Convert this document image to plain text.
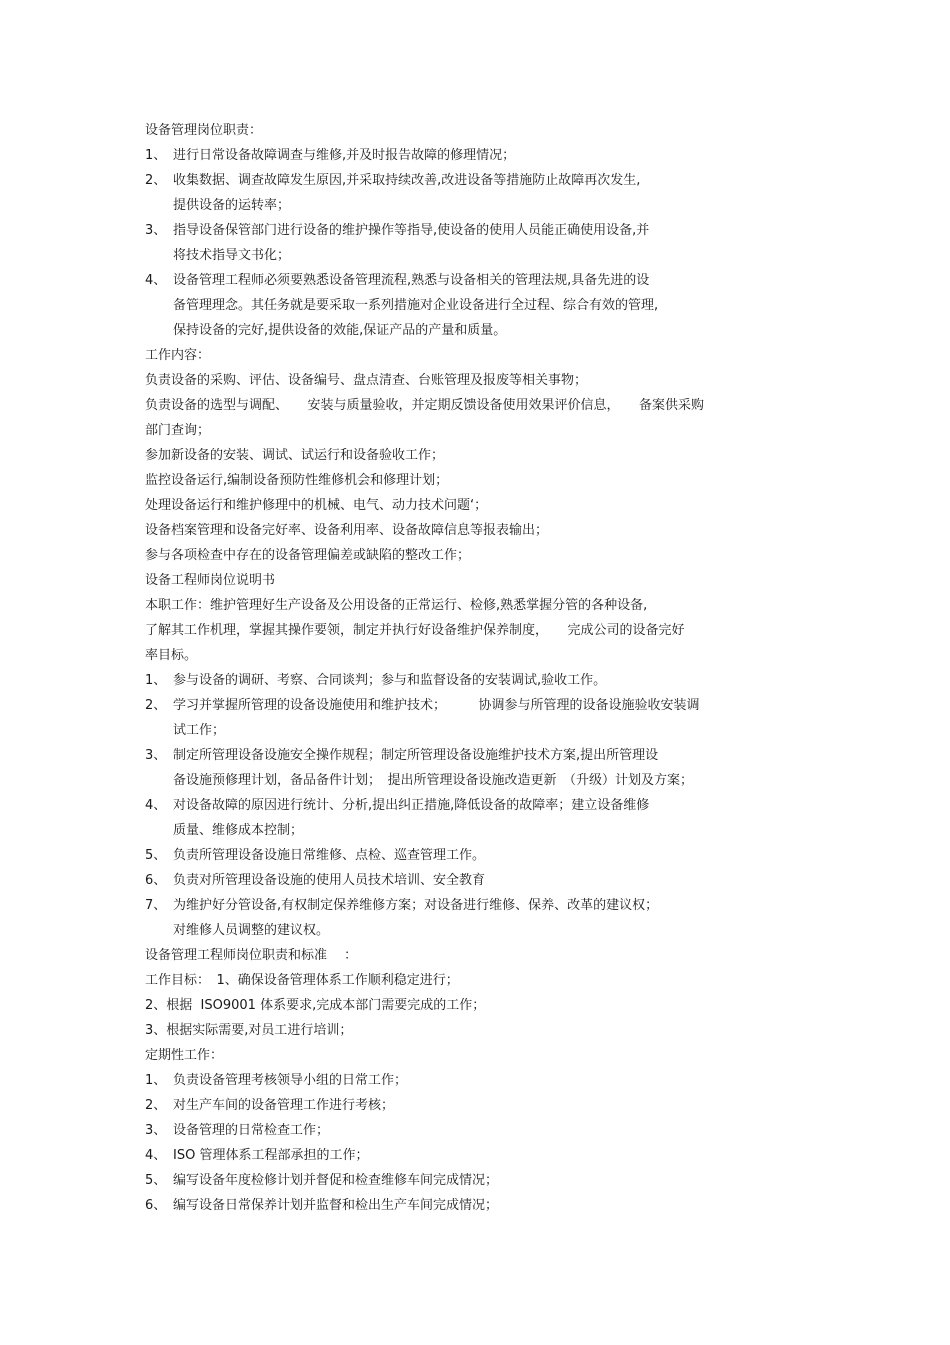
设备管理岗位职责：

1、 进行日常设备故障调查与维修,并及时报告故障的修理情况；

2、 收集数据、调查故障发生原因,并采取持续改善,改进设备等措施防止故障再次发生,

提供设备的运转率；

3、 指导设备保管部门进行设备的维护操作等指导,使设备的使用人员能正确使用设备,并

将技术指导文书化；

4、 设备管理工程师必须要熟悉设备管理流程,熟悉与设备相关的管理法规,具备先进的设

备管理理念。其任务就是要采取一系列措施对企业设备进行全过程、综合有效的管理,

保持设备的完好,提供设备的效能,保证产品的产量和质量。

工作内容：

负责设备的采购、评估、设备编号、盘点清查、台账管理及报废等相关事物；

负责设备的选型与调配、　　安装与质量验收，并定期反馈设备使用效果评价信息，　　备案供采购

部门查询；

参加新设备的安装、调试、试运行和设备验收工作；

监控设备运行,编制设备预防性维修机会和修理计划；

处理设备运行和维护修理中的机械、电气、动力技术问题‘；

设备档案管理和设备完好率、设备利用率、设备故障信息等报表输出；

参与各项检查中存在的设备管理偏差或缺陷的整改工作；

设备工程师岗位说明书

本职工作：维护管理好生产设备及公用设备的正常运行、检修,熟悉掌握分管的各种设备,

了解其工作机理，掌握其操作要领，制定并执行好设备维护保养制度，　　完成公司的设备完好

率目标。

1、 参与设备的调研、考察、合同谈判；参与和监督设备的安装调试,验收工作。

2、 学习并掌握所管理的设备设施使用和维护技术；　　　协调参与所管理的设备设施验收安装调

试工作；

3、 制定所管理设备设施安全操作规程；制定所管理设备设施维护技术方案,提出所管理设

备设施预修理计划，备品备件计划；　提出所管理设备设施改造更新　（升级）计划及方案；

4、 对设备故障的原因进行统计、分析,提出纠正措施,降低设备的故障率；建立设备维修

质量、维修成本控制；

5、 负责所管理设备设施日常维修、点检、巡查管理工作。

6、 负责对所管理设备设施的使用人员技术培训、安全教育

7、 为维护好分管设备,有权制定保养维修方案；对设备进行维修、保养、改革的建议权；

对维修人员调整的建议权。

设备管理工程师岗位职责和标准　 ：

工作目标：　1、确保设备管理体系工作顺利稳定进行；

2、根据  ISO9001 体系要求,完成本部门需要完成的工作；

3、根据实际需要,对员工进行培训；

定期性工作：

1、 负责设备管理考核领导小组的日常工作；

2、 对生产车间的设备管理工作进行考核；

3、 设备管理的日常检查工作；

4、 ISO 管理体系工程部承担的工作；

5、 编写设备年度检修计划并督促和检查维修车间完成情况；

6、 编写设备日常保养计划并监督和检出生产车间完成情况；
